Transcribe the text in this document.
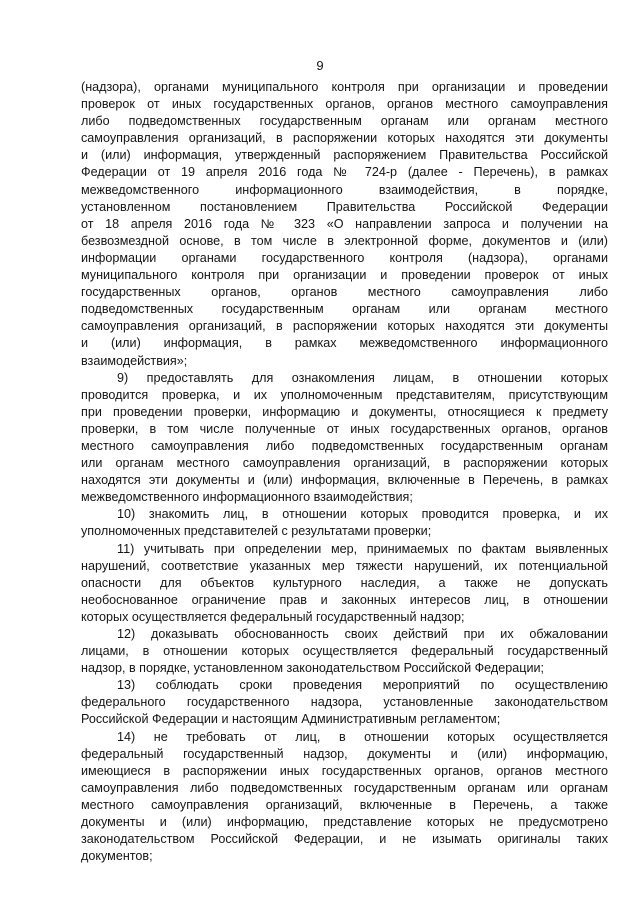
9
(надзора), органами муниципального контроля при организации и проведении
проверок от иных государственных органов, органов местного самоуправления
либо подведомственных государственным органам или органам местного
самоуправления организаций, в распоряжении которых находятся эти документы
и (или) информация, утвержденный распоряжением Правительства Российской
Федерации от 19 апреля 2016 года № 724-р (далее - Перечень), в рамках
межведомственного информационного взаимодействия, в порядке,
установленном постановлением Правительства Российской Федерации
от 18 апреля 2016 года № 323 «О направлении запроса и получении на
безвозмездной основе, в том числе в электронной форме, документов и (или)
информации органами государственного контроля (надзора), органами
муниципального контроля при организации и проведении проверок от иных
государственных органов, органов местного самоуправления либо
подведомственных государственным органам или органам местного
самоуправления организаций, в распоряжении которых находятся эти документы
и (или) информация, в рамках межведомственного информационного
взаимодействия»;
9) предоставлять для ознакомления лицам, в отношении которых
проводится проверка, и их уполномоченным представителям, присутствующим
при проведении проверки, информацию и документы, относящиеся к предмету
проверки, в том числе полученные от иных государственных органов, органов
местного самоуправления либо подведомственных государственным органам
или органам местного самоуправления организаций, в распоряжении которых
находятся эти документы и (или) информация, включенные в Перечень, в рамках
межведомственного информационного взаимодействия;
10) знакомить лиц, в отношении которых проводится проверка, и их
уполномоченных представителей с результатами проверки;
11) учитывать при определении мер, принимаемых по фактам выявленных
нарушений, соответствие указанных мер тяжести нарушений, их потенциальной
опасности для объектов культурного наследия, а также не допускать
необоснованное ограничение прав и законных интересов лиц, в отношении
которых осуществляется федеральный государственный надзор;
12) доказывать обоснованность своих действий при их обжаловании
лицами, в отношении которых осуществляется федеральный государственный
надзор, в порядке, установленном законодательством Российской Федерации;
13) соблюдать сроки проведения мероприятий по осуществлению
федерального государственного надзора, установленные законодательством
Российской Федерации и настоящим Административным регламентом;
14) не требовать от лиц, в отношении которых осуществляется
федеральный государственный надзор, документы и (или) информацию,
имеющиеся в распоряжении иных государственных органов, органов местного
самоуправления либо подведомственных государственным органам или органам
местного самоуправления организаций, включенные в Перечень, а также
документы и (или) информацию, представление которых не предусмотрено
законодательством Российской Федерации, и не изымать оригиналы таких
документов;
